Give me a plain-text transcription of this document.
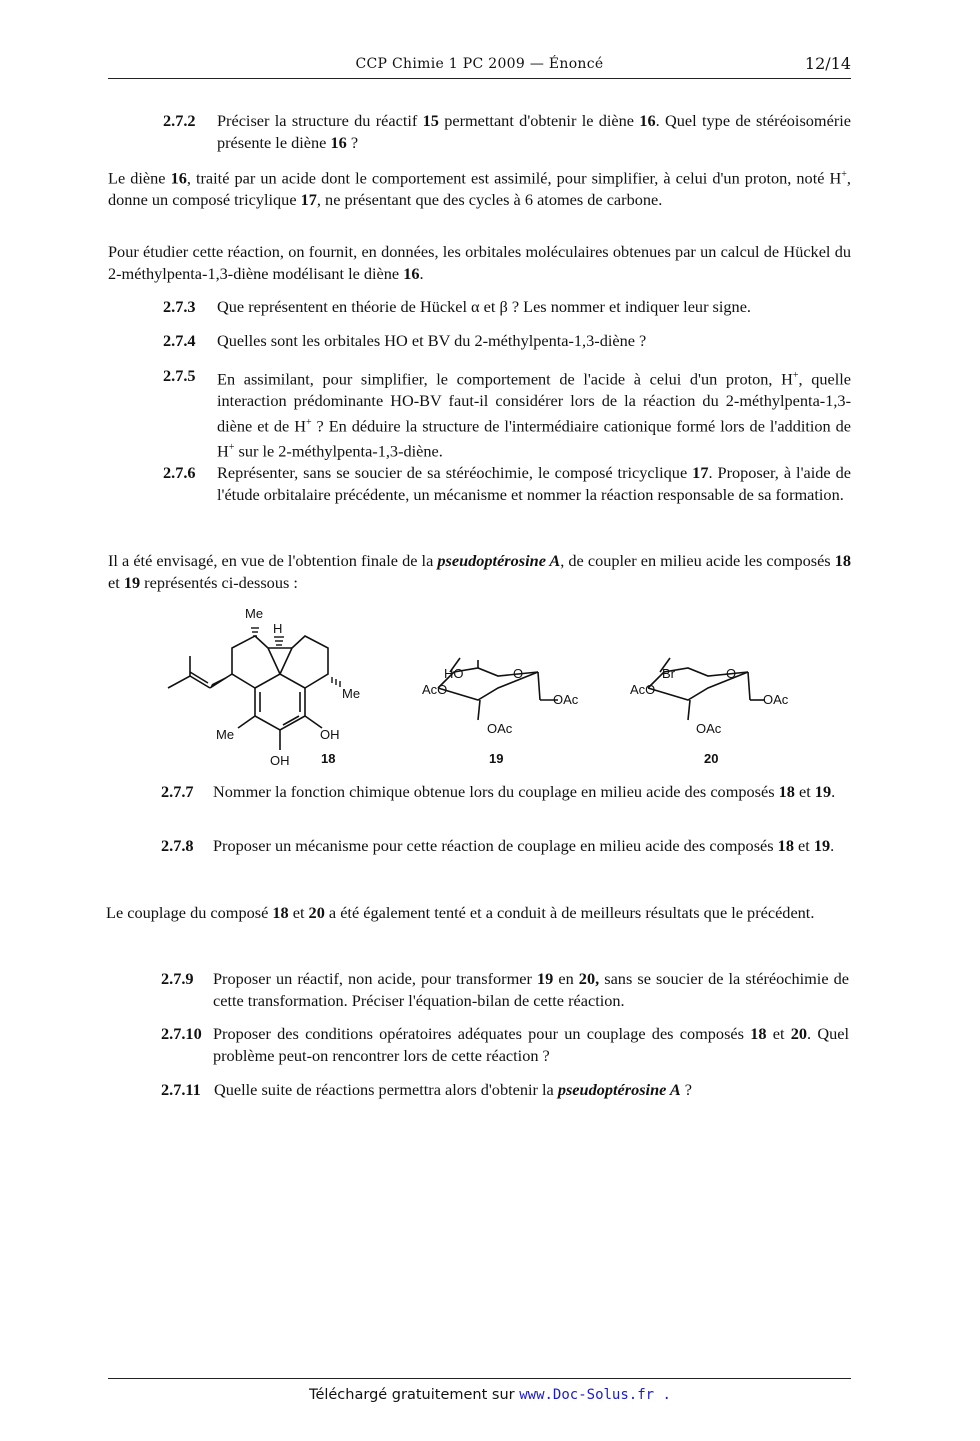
CCP Chimie 1 PC 2009 — Énoncé	12/14
2.7.2 Préciser la structure du réactif 15 permettant d'obtenir le diène 16. Quel type de stéréoisomérie présente le diène 16 ?
Le diène 16, traité par un acide dont le comportement est assimilé, pour simplifier, à celui d'un proton, noté H+, donne un composé tricylique 17, ne présentant que des cycles à 6 atomes de carbone.
Pour étudier cette réaction, on fournit, en données, les orbitales moléculaires obtenues par un calcul de Hückel du 2-méthylpenta-1,3-diène modélisant le diène 16.
2.7.3 Que représentent en théorie de Hückel α et β ? Les nommer et indiquer leur signe.
2.7.4 Quelles sont les orbitales HO et BV du 2-méthylpenta-1,3-diène ?
2.7.5 En assimilant, pour simplifier, le comportement de l'acide à celui d'un proton, H+, quelle interaction prédominante HO-BV faut-il considérer lors de la réaction du 2-méthylpenta-1,3-diène et de H+ ? En déduire la structure de l'intermédiaire cationique formé lors de l'addition de H+ sur le 2-méthylpenta-1,3-diène.
2.7.6 Représenter, sans se soucier de sa stéréochimie, le composé tricyclique 17. Proposer, à l'aide de l'étude orbitalaire précédente, un mécanisme et nommer la réaction responsable de sa formation.
Il a été envisagé, en vue de l'obtention finale de la pseudoptérosine A, de coupler en milieu acide les composés 18 et 19 représentés ci-dessous :
Me
H
Me
Me	OH
OH 18
AcO
HO	O
OAc
OAc
19
AcO
Br	O
OAc
OAc
20
2.7.7 Nommer la fonction chimique obtenue lors du couplage en milieu acide des composés 18 et 19.
2.7.8 Proposer un mécanisme pour cette réaction de couplage en milieu acide des composés 18 et 19.
Le couplage du composé 18 et 20 a été également tenté et a conduit à de meilleurs résultats que le précédent.
2.7.9 Proposer un réactif, non acide, pour transformer 19 en 20, sans se soucier de la stéréochimie de cette transformation. Préciser l'équation-bilan de cette réaction.
2.7.10 Proposer des conditions opératoires adéquates pour un couplage des composés 18 et 20. Quel problème peut-on rencontrer lors de cette réaction ?
2.7.11 Quelle suite de réactions permettra alors d'obtenir la pseudoptérosine A ?
Téléchargé gratuitement sur www.Doc-Solus.fr .
